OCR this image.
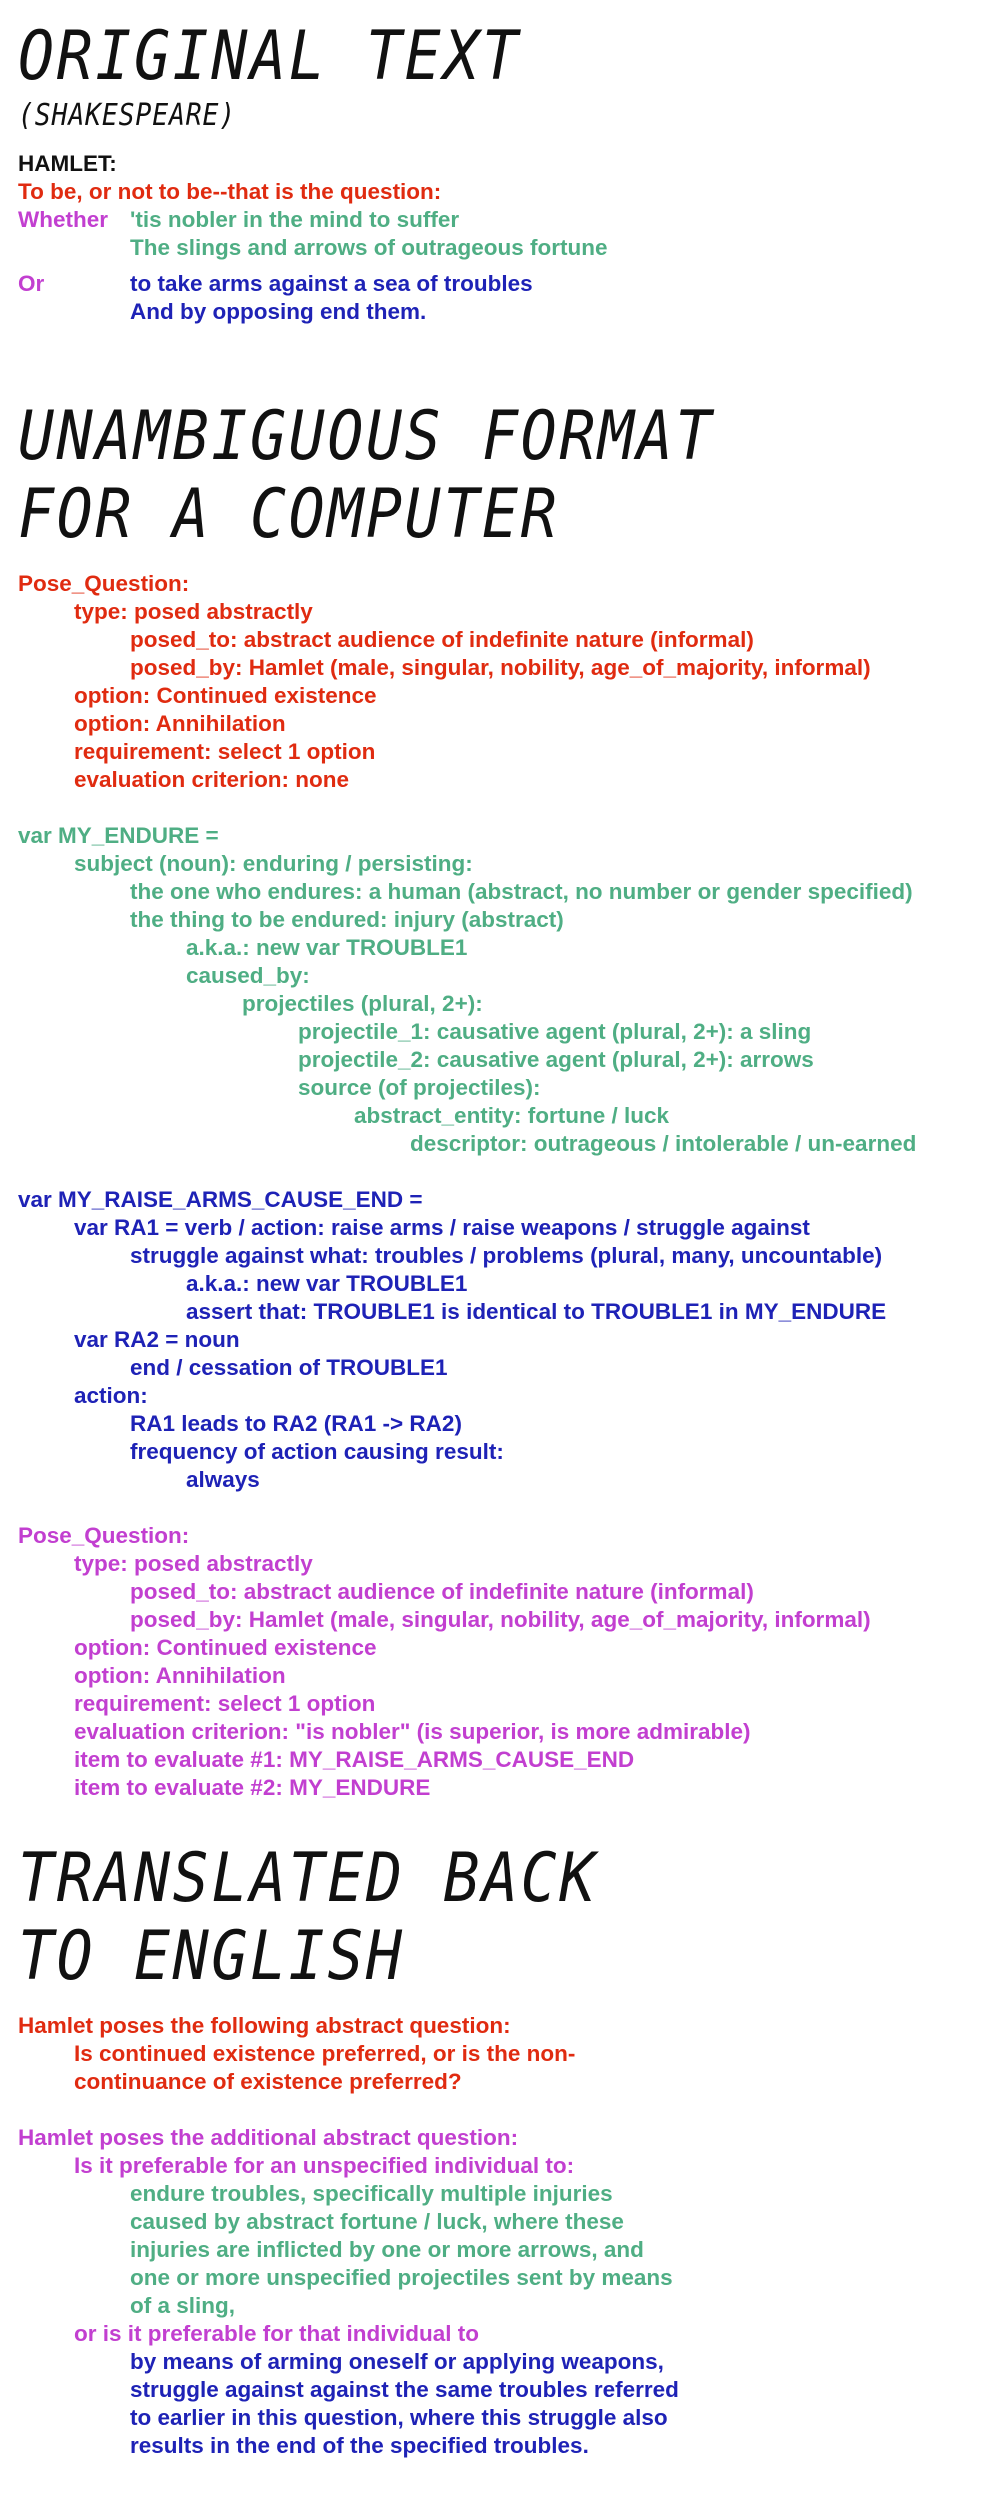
ORIGINAL TEXT
(SHAKESPEARE)
HAMLET:
To be, or not to be--that is the question:
Whether 'tis nobler in the mind to suffer
The slings and arrows of outrageous fortune
Or	to take arms against a sea of troubles
And by opposing end them.
UNAMBIGUOUS FORMAT
FOR A COMPUTER
Pose_Question:
type: posed abstractly
posed_to: abstract audience of indefinite nature (informal)
posed_by: Hamlet (male, singular, nobility, age_of_majority, informal)
option: Continued existence
option: Annihilation
requirement: select 1 option
evaluation criterion: none
var MY_ENDURE =
subject (noun): enduring / persisting:
the one who endures: a human (abstract, no number or gender specified)
the thing to be endured: injury (abstract)
a.k.a.: new var TROUBLE1
caused_by:
projectiles (plural, 2+):
projectile_1: causative agent (plural, 2+): a sling
projectile_2: causative agent (plural, 2+): arrows
source (of projectiles):
abstract_entity: fortune / luck
descriptor: outrageous / intolerable / un-earned
var MY_RAISE_ARMS_CAUSE_END =
var RA1 = verb / action: raise arms / raise weapons / struggle against
struggle against what: troubles / problems (plural, many, uncountable)
a.k.a.: new var TROUBLE1
assert that: TROUBLE1 is identical to TROUBLE1 in MY_ENDURE
var RA2 = noun
end / cessation of TROUBLE1
action:
RA1 leads to RA2 (RA1 -> RA2)
frequency of action causing result:
always
Pose_Question:
type: posed abstractly
posed_to: abstract audience of indefinite nature (informal)
posed_by: Hamlet (male, singular, nobility, age_of_majority, informal)
option: Continued existence
option: Annihilation
requirement: select 1 option
evaluation criterion: "is nobler" (is superior, is more admirable)
item to evaluate #1: MY_RAISE_ARMS_CAUSE_END
item to evaluate #2: MY_ENDURE
TRANSLATED BACK
TO ENGLISH
Hamlet poses the following abstract question:
Is continued existence preferred, or is the non-
continuance of existence preferred?
Hamlet poses the additional abstract question:
Is it preferable for an unspecified individual to:
endure troubles, specifically multiple injuries
caused by abstract fortune / luck, where these
injuries are inflicted by one or more arrows, and
one or more unspecified projectiles sent by means
of a sling,
or is it preferable for that individual to
by means of arming oneself or applying weapons,
struggle against against the same troubles referred
to earlier in this question, where this struggle also
results in the end of the specified troubles.
